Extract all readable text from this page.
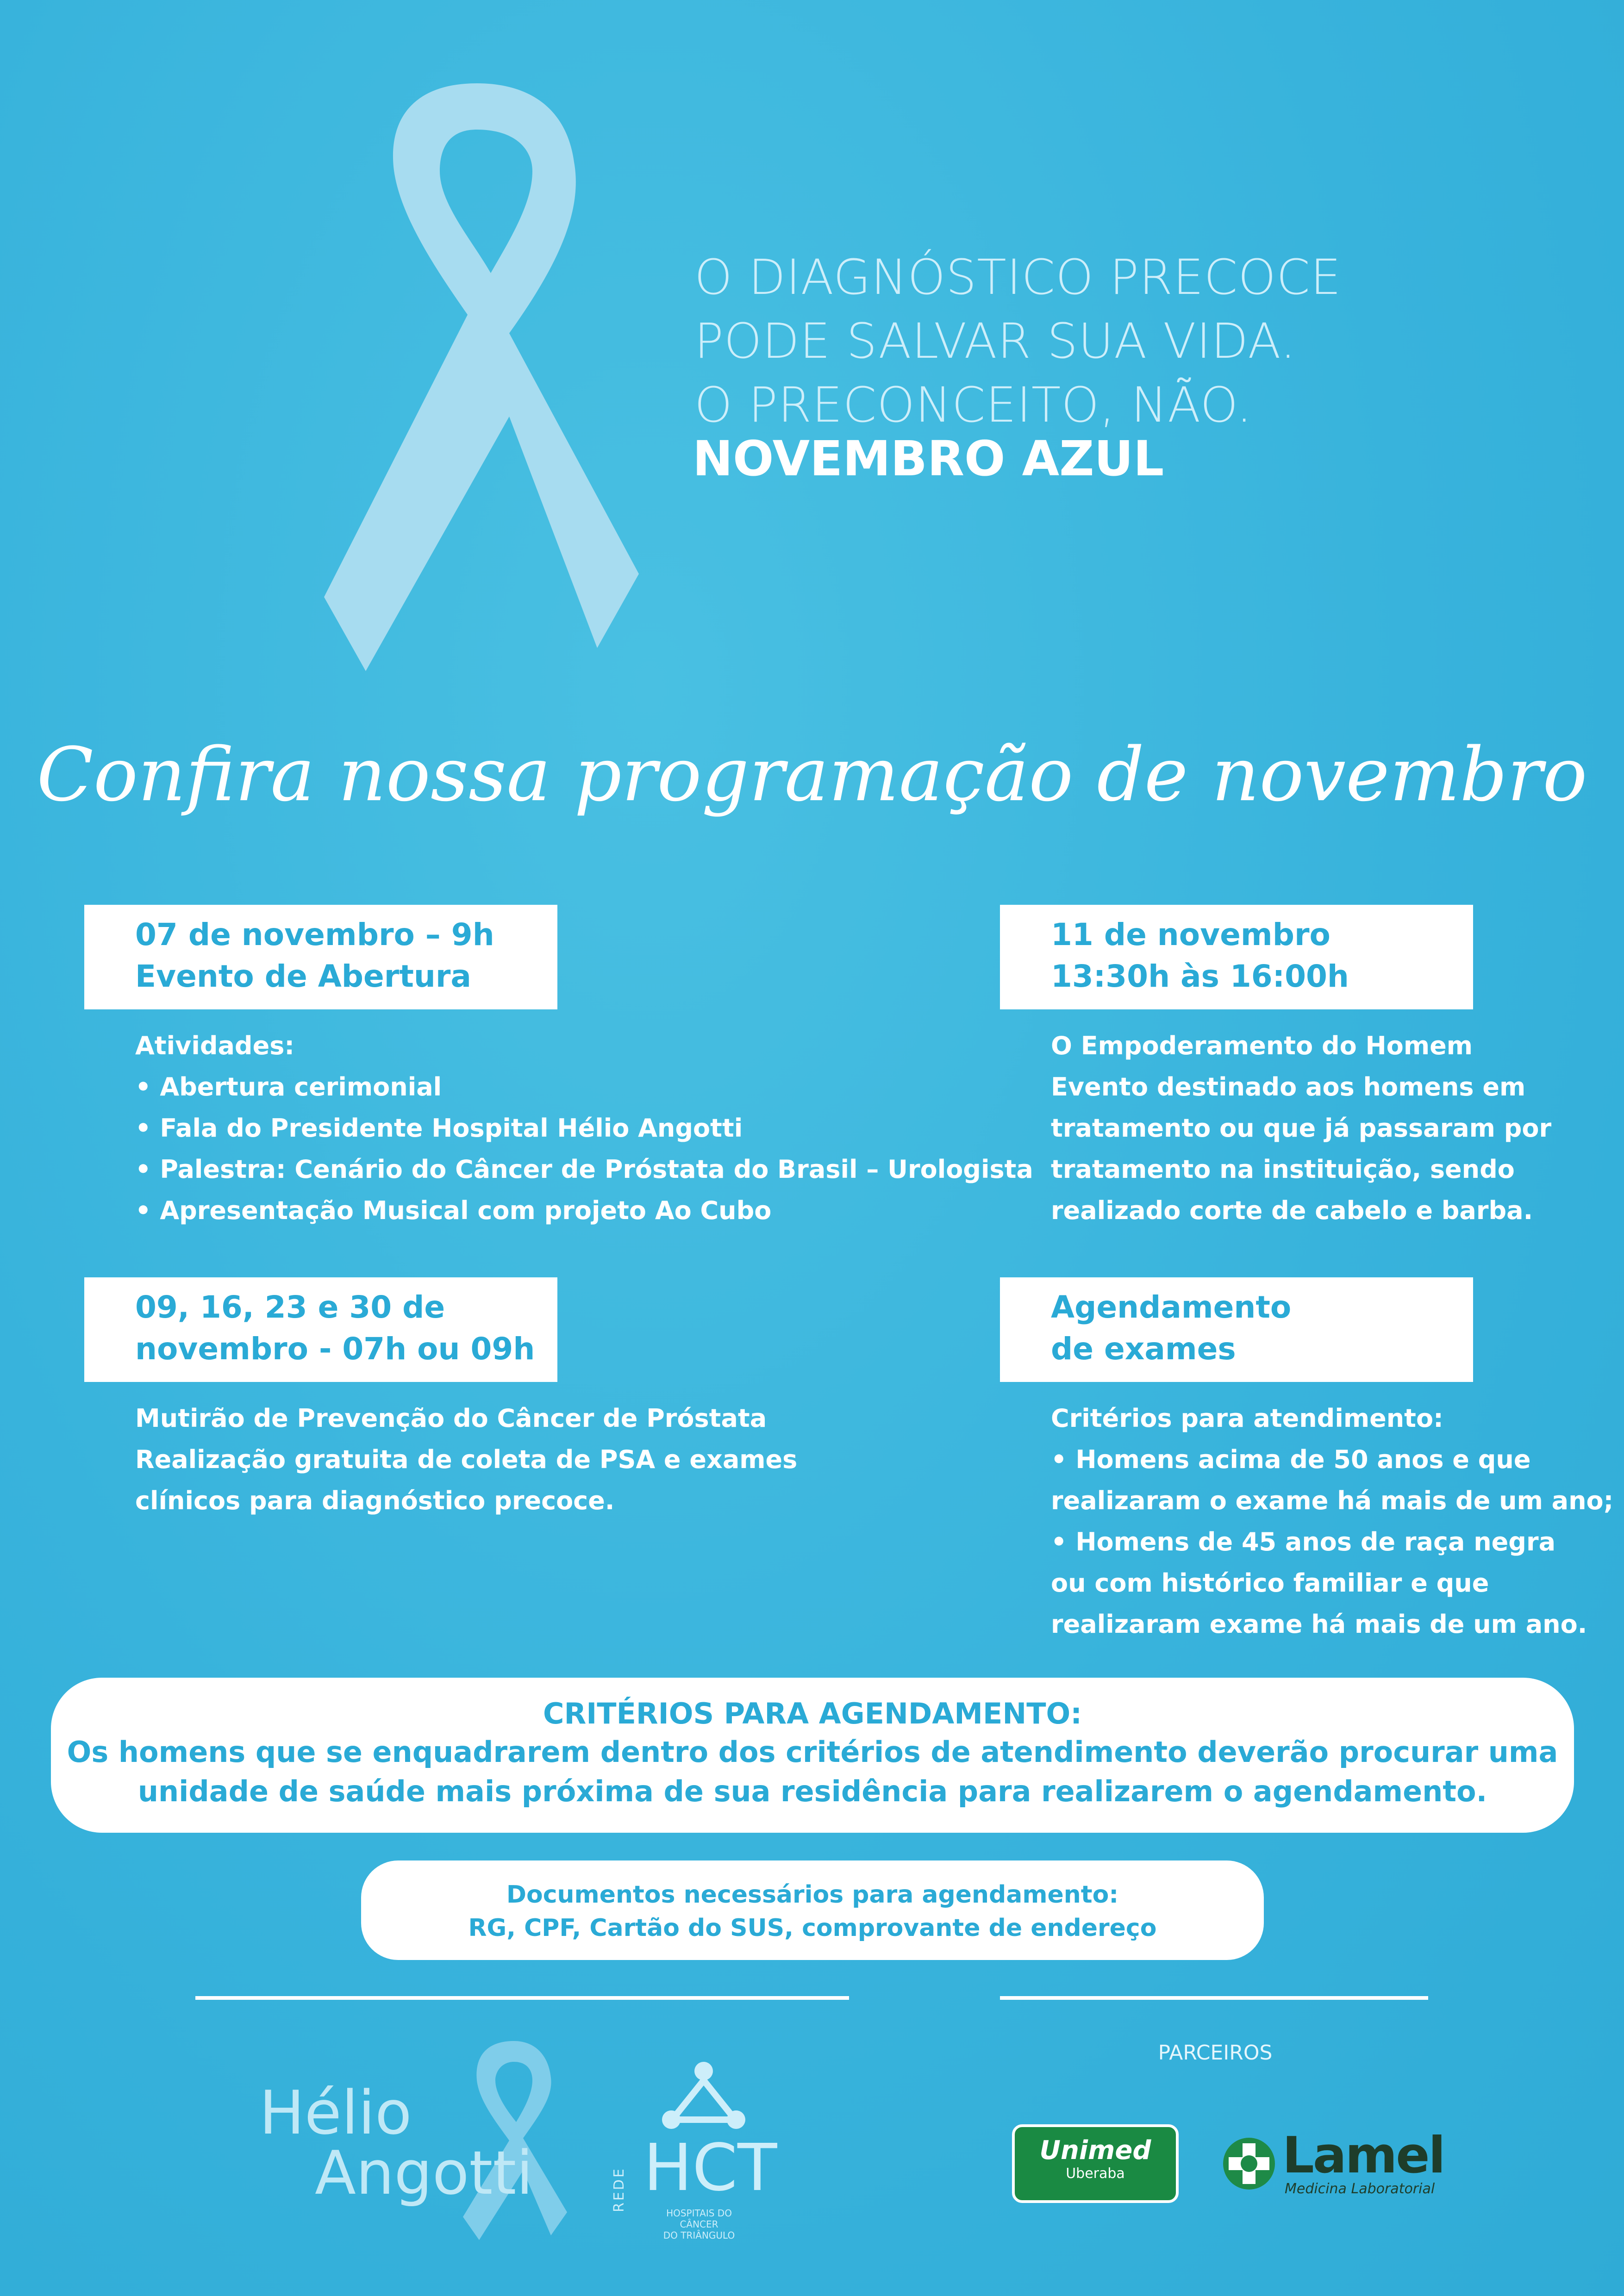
O DIAGNÓSTICO PRECOCE
PODE SALVAR SUA VIDA.
O PRECONCEITO, NÃO.
NOVEMBRO AZUL
Confira nossa programação de novembro
07 de novembro – 9h
Evento de Abertura
Atividades:
• Abertura cerimonial
• Fala do Presidente Hospital Hélio Angotti
• Palestra: Cenário do Câncer de Próstata do Brasil – Urologista
• Apresentação Musical com projeto Ao Cubo
11 de novembro
13:30h às 16:00h
O Empoderamento do Homem
Evento destinado aos homens em
tratamento ou que já passaram por
tratamento na instituição, sendo
realizado corte de cabelo e barba.
09, 16, 23 e 30 de
novembro - 07h ou 09h
Mutirão de Prevenção do Câncer de Próstata
Realização gratuita de coleta de PSA e exames
clínicos para diagnóstico precoce.
Agendamento
de exames
Critérios para atendimento:
• Homens acima de 50 anos e que
realizaram o exame há mais de um ano;
• Homens de 45 anos de raça negra
ou com histórico familiar e que
realizaram exame há mais de um ano.
CRITÉRIOS PARA AGENDAMENTO:
Os homens que se enquadrarem dentro dos critérios de atendimento deverão procurar uma
unidade de saúde mais próxima de sua residência para realizarem o agendamento.
Documentos necessários para agendamento:
RG, CPF, Cartão do SUS, comprovante de endereço
PARCEIROS
Hélio
Angotti	REDE HCT
HOSPITAIS DO CÂNCER
DO TRIÂNGULO
Unimed
Uberaba	Lamel
Medicina Laboratorial
